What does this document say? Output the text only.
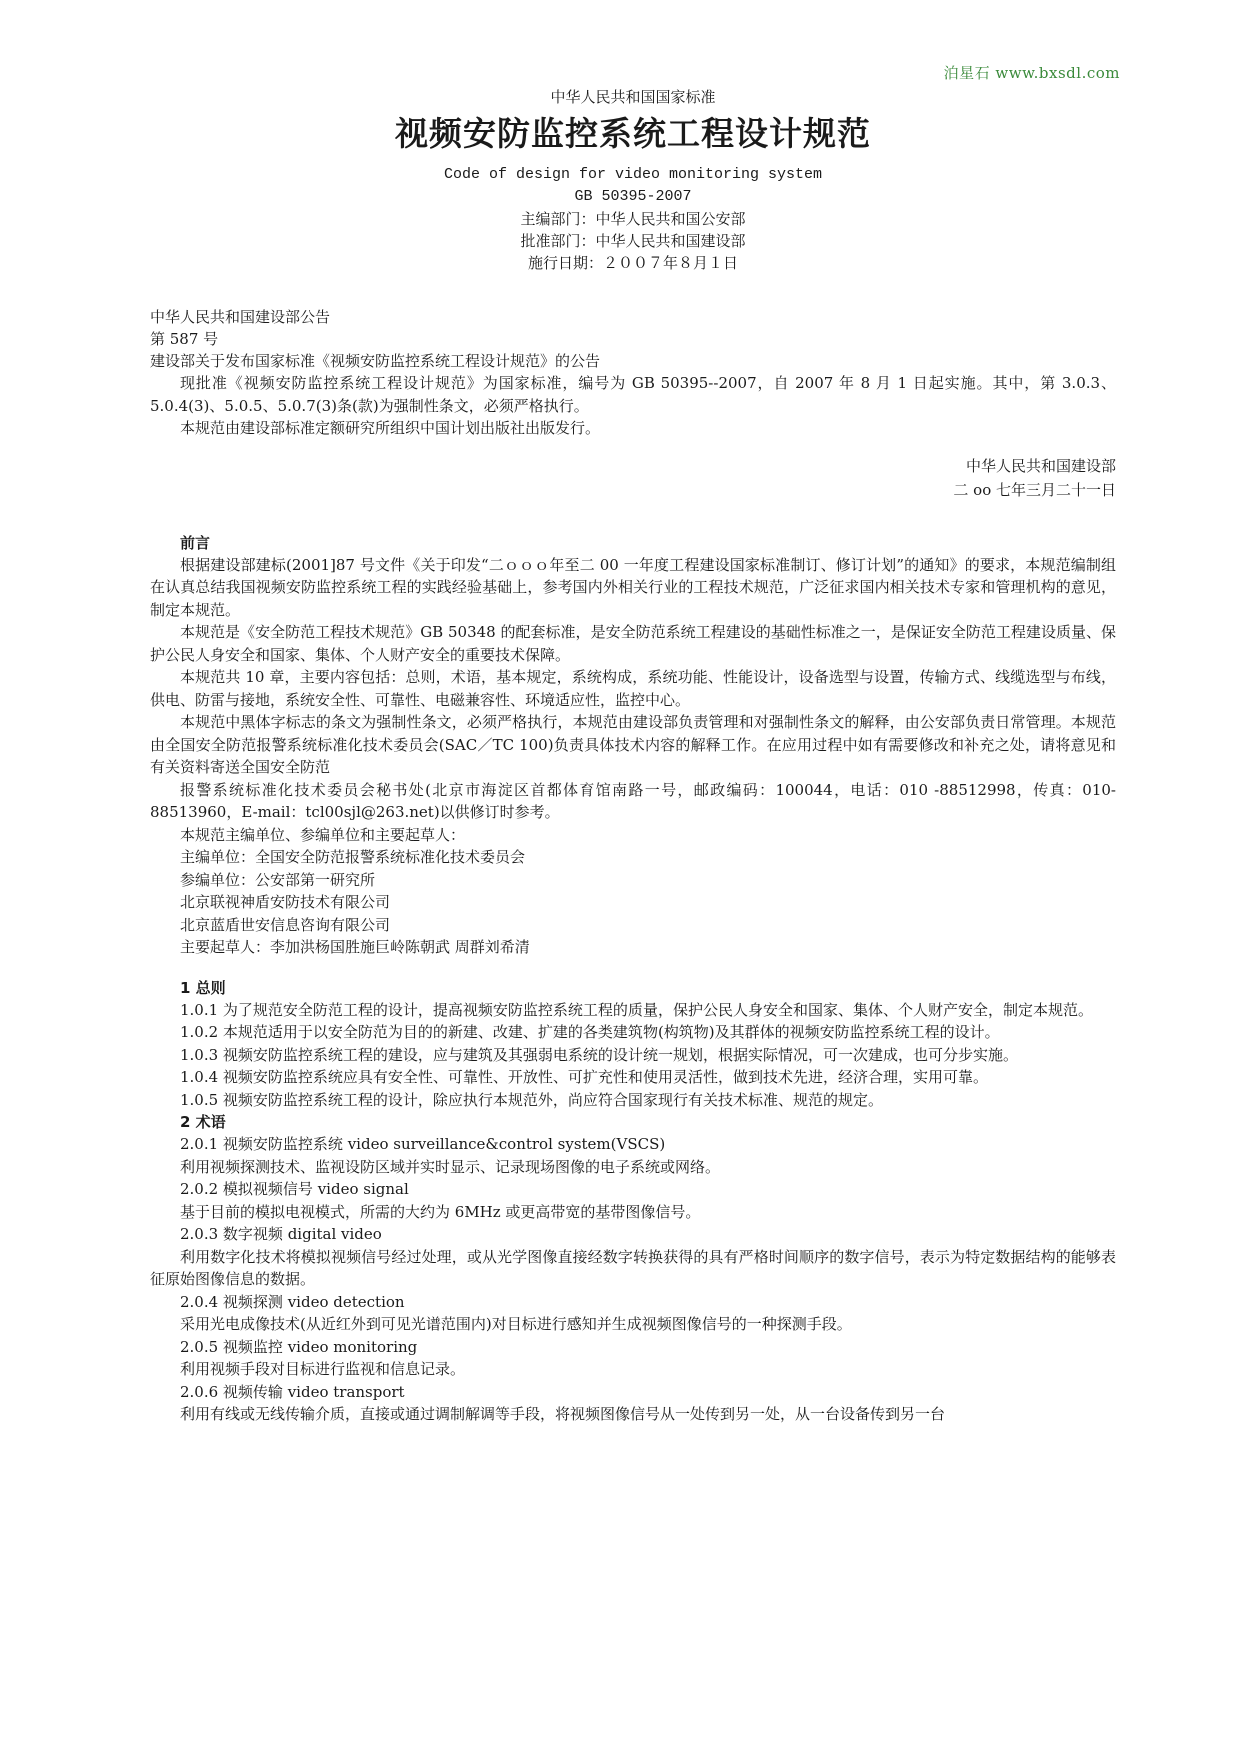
泊星石 www.bxsdl.com
中华人民共和国国家标准
视频安防监控系统工程设计规范
Code of design for video monitoring system
GB 50395-2007
主编部门：中华人民共和国公安部
批准部门：中华人民共和国建设部
施行日期：２００７年８月１日

中华人民共和国建设部公告

第 587 号

建设部关于发布国家标准《视频安防监控系统工程设计规范》的公告

现批准《视频安防监控系统工程设计规范》为国家标准，编号为 GB 50395--2007，自 2007 年 8 月 1 日起实施。其中，第 3.0.3、5.0.4(3)、5.0.5、5.0.7(3)条(款)为强制性条文，必须严格执行。

本规范由建设部标准定额研究所组织中国计划出版社出版发行。

中华人民共和国建设部
二 oo 七年三月二十一日

前言

根据建设部建标(2001]87 号文件《关于印发“二ｏｏｏ年至二 00 一年度工程建设国家标准制订、修订计划”的通知》的要求，本规范编制组在认真总结我国视频安防监控系统工程的实践经验基础上，参考国内外相关行业的工程技术规范，广泛征求国内相关技术专家和管理机构的意见，制定本规范。

本规范是《安全防范工程技术规范》GB 50348 的配套标准，是安全防范系统工程建设的基础性标准之一，是保证安全防范工程建设质量、保护公民人身安全和国家、集体、个人财产安全的重要技术保障。

本规范共 10 章，主要内容包括：总则，术语，基本规定，系统构成，系统功能、性能设计，设备选型与设置，传输方式、线缆选型与布线，供电、防雷与接地，系统安全性、可靠性、电磁兼容性、环境适应性，监控中心。

本规范中黑体字标志的条文为强制性条文，必须严格执行，本规范由建设部负责管理和对强制性条文的解释，由公安部负责日常管理。本规范由全国安全防范报警系统标准化技术委员会(SAC／TC 100)负责具体技术内容的解释工作。在应用过程中如有需要修改和补充之处，请将意见和有关资料寄送全国安全防范

报警系统标准化技术委员会秘书处(北京市海淀区首都体育馆南路一号，邮政编码：100044，电话：010 -88512998，传真：010-88513960，E-mail：tcl00sjl@263.net)以供修订时参考。

本规范主编单位、参编单位和主要起草人：

主编单位：全国安全防范报警系统标准化技术委员会

参编单位：公安部第一研究所

北京联视神盾安防技术有限公司

北京蓝盾世安信息咨询有限公司

主要起草人：李加洪杨国胜施巨岭陈朝武 周群刘希清

1 总则

1.0.1 为了规范安全防范工程的设计，提高视频安防监控系统工程的质量，保护公民人身安全和国家、集体、个人财产安全，制定本规范。

1.0.2 本规范适用于以安全防范为目的的新建、改建、扩建的各类建筑物(构筑物)及其群体的视频安防监控系统工程的设计。

1.0.3 视频安防监控系统工程的建设，应与建筑及其强弱电系统的设计统一规划，根据实际情况，可一次建成，也可分步实施。

1.0.4 视频安防监控系统应具有安全性、可靠性、开放性、可扩充性和使用灵活性，做到技术先进，经济合理，实用可靠。

1.0.5 视频安防监控系统工程的设计，除应执行本规范外，尚应符合国家现行有关技术标准、规范的规定。

2 术语

2.0.1 视频安防监控系统 video surveillance&control system(VSCS)

利用视频探测技术、监视设防区域并实时显示、记录现场图像的电子系统或网络。

2.0.2 模拟视频信号 video signal

基于目前的模拟电视模式，所需的大约为 6MHz 或更高带宽的基带图像信号。

2.0.3 数字视频 digital video

利用数字化技术将模拟视频信号经过处理，或从光学图像直接经数字转换获得的具有严格时间顺序的数字信号，表示为特定数据结构的能够表征原始图像信息的数据。

2.0.4 视频探测 video detection

采用光电成像技术(从近红外到可见光谱范围内)对目标进行感知并生成视频图像信号的一种探测手段。

2.0.5 视频监控 video monitoring

利用视频手段对目标进行监视和信息记录。

2.0.6 视频传输 video transport

利用有线或无线传输介质，直接或通过调制解调等手段，将视频图像信号从一处传到另一处，从一台设备传到另一台
